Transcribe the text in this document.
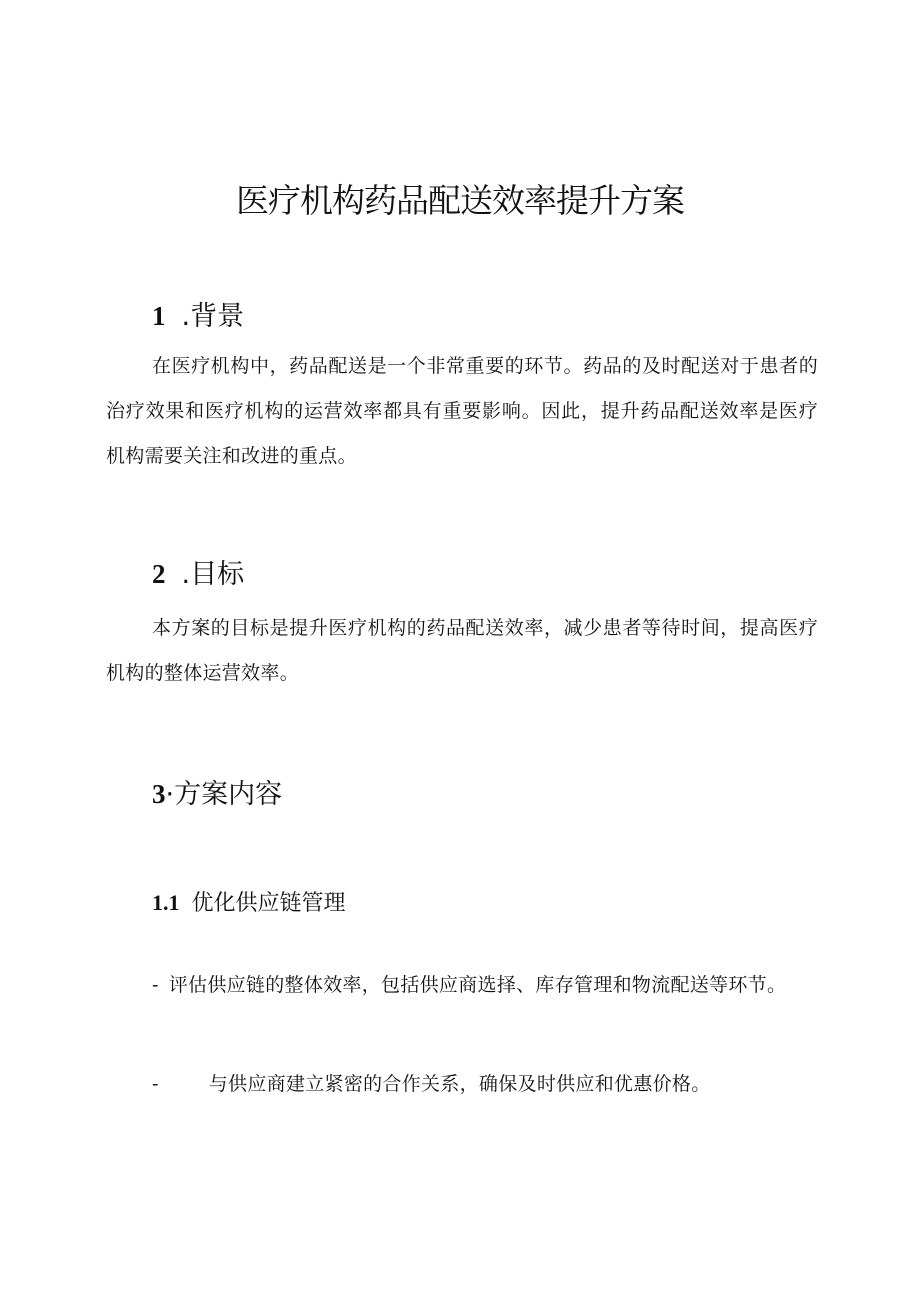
医疗机构药品配送效率提升方案
1 .背景

在医疗机构中，药品配送是一个非常重要的环节。药品的及时配送对于患者的治疗效果和医疗机构的运营效率都具有重要影响。因此，提升药品配送效率是医疗机构需要关注和改进的重点。

2 .目标

本方案的目标是提升医疗机构的药品配送效率，减少患者等待时间，提高医疗机构的整体运营效率。

3·方案内容
1.1 优化供应链管理

- 评估供应链的整体效率，包括供应商选择、库存管理和物流配送等环节。

-	与供应商建立紧密的合作关系，确保及时供应和优惠价格。
